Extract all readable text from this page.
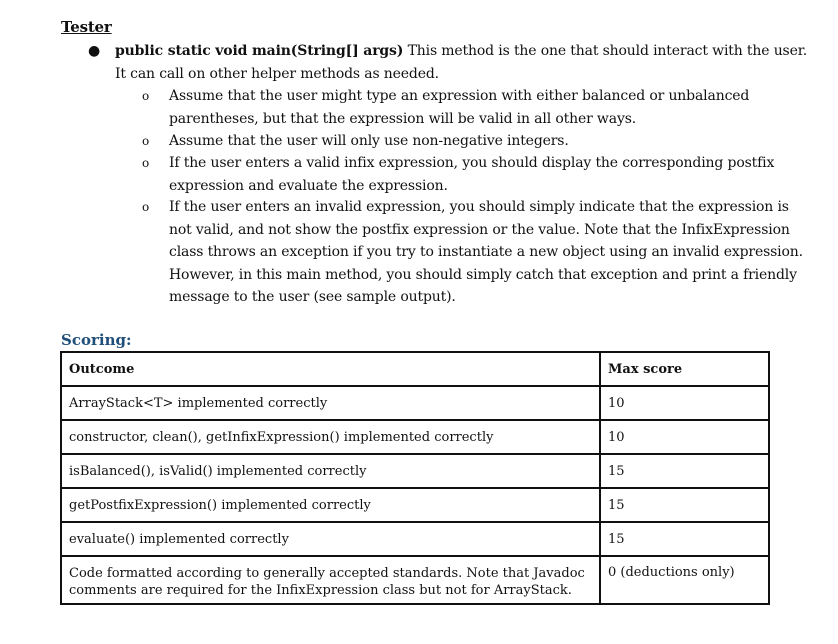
Tester
● public static void main(String[] args) This method is the one that should interact with the user. It can call on other helper methods as needed.
o Assume that the user might type an expression with either balanced or unbalanced parentheses, but that the expression will be valid in all other ways.
o Assume that the user will only use non-negative integers.
o If the user enters a valid infix expression, you should display the corresponding postfix expression and evaluate the expression.
o If the user enters an invalid expression, you should simply indicate that the expression is not valid, and not show the postfix expression or the value. Note that the InfixExpression class throws an exception if you try to instantiate a new object using an invalid expression. However, in this main method, you should simply catch that exception and print a friendly message to the user (see sample output).
Scoring:
Outcome	Max score
ArrayStack<T> implemented correctly	10
constructor, clean(), getInfixExpression() implemented correctly	10
isBalanced(), isValid() implemented correctly	15
getPostfixExpression() implemented correctly	15
evaluate() implemented correctly	15
Code formatted according to generally accepted standards. Note that Javadoc comments are required for the InfixExpression class but not for ArrayStack.	0 (deductions only)
